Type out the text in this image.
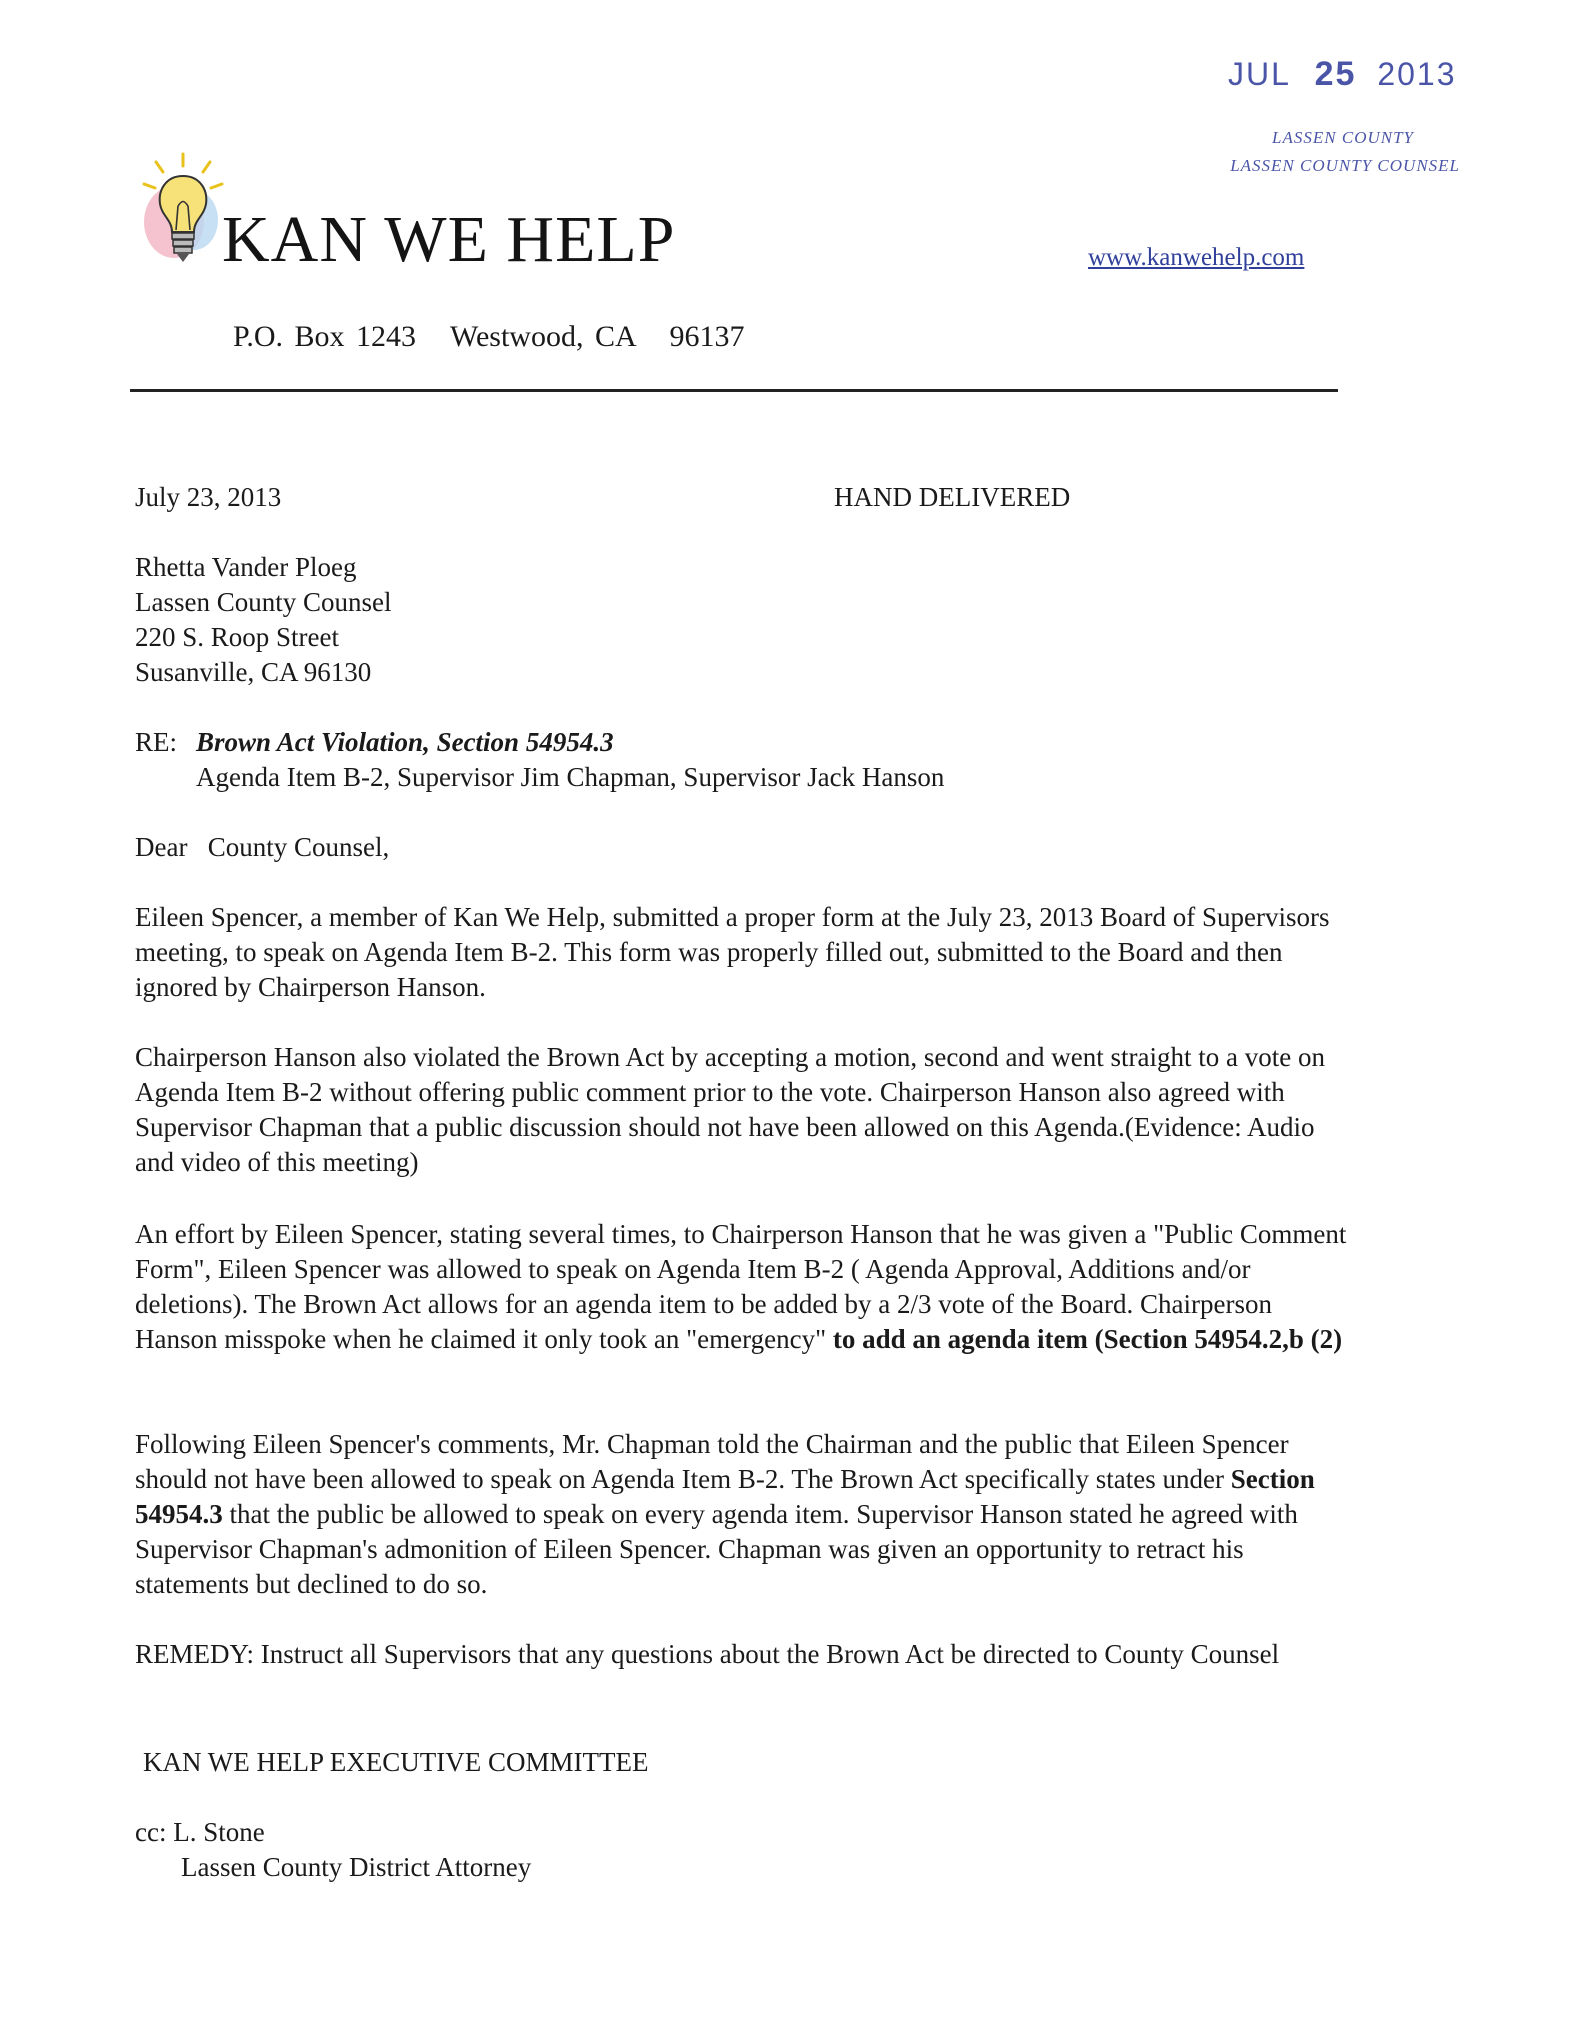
JUL 25 2013
LASSEN COUNTY
LASSEN COUNTY COUNSEL
KAN WE HELP	www.kanwehelp.com
P.O. Box 1243 Westwood, CA   96137
July 23, 2013	HAND DELIVERED
Rhetta Vander Ploeg
Lassen County Counsel
220 S. Roop Street
Susanville, CA 96130
RE: Brown Act Violation, Section 54954.3
Agenda Item B-2, Supervisor Jim Chapman, Supervisor Jack Hanson
Dear   County Counsel,
Eileen Spencer, a member of Kan We Help, submitted a proper form at the July 23, 2013 Board of Supervisors meeting, to speak on Agenda Item B-2. This form was properly filled out, submitted to the Board and then ignored by Chairperson Hanson.
Chairperson Hanson also violated the Brown Act by accepting a motion, second and went straight to a vote on Agenda Item B-2 without offering public comment prior to the vote. Chairperson Hanson also agreed with Supervisor Chapman that a public discussion should not have been allowed on this Agenda.(Evidence: Audio and video of this meeting)
An effort by Eileen Spencer, stating several times, to Chairperson Hanson that he was given a "Public Comment Form", Eileen Spencer was allowed to speak on Agenda Item B-2 ( Agenda Approval, Additions and/or deletions). The Brown Act allows for an agenda item to be added by a 2/3 vote of the Board. Chairperson Hanson misspoke when he claimed it only took an "emergency" to add an agenda item (Section 54954.2,b (2)
Following Eileen Spencer's comments, Mr. Chapman told the Chairman and the public that Eileen Spencer should not have been allowed to speak on Agenda Item B-2. The Brown Act specifically states under Section 54954.3 that the public be allowed to speak on every agenda item. Supervisor Hanson stated he agreed with Supervisor Chapman's admonition of Eileen Spencer. Chapman was given an opportunity to retract his statements but declined to do so.
REMEDY: Instruct all Supervisors that any questions about the Brown Act be directed to County Counsel
KAN WE HELP EXECUTIVE COMMITTEE
cc: L. Stone
Lassen County District Attorney
